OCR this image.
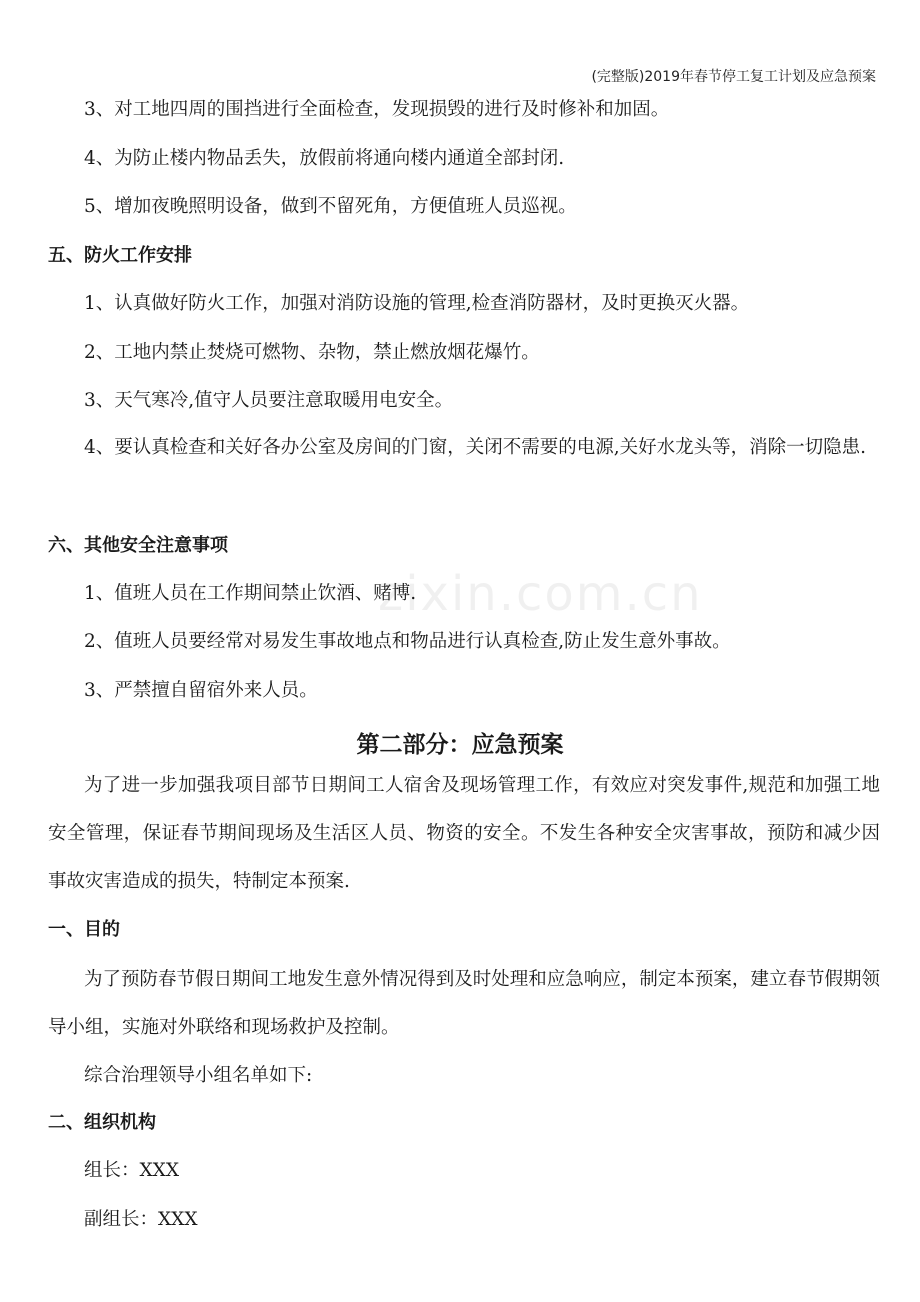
(完整版)2019年春节停工复工计划及应急预案
zixin.com.cn
3、对工地四周的围挡进行全面检查，发现损毁的进行及时修补和加固。
4、为防止楼内物品丢失，放假前将通向楼内通道全部封闭.
5、增加夜晚照明设备，做到不留死角，方便值班人员巡视。
五、防火工作安排
1、认真做好防火工作，加强对消防设施的管理,检查消防器材，及时更换灭火器。
2、工地内禁止焚烧可燃物、杂物，禁止燃放烟花爆竹。
3、天气寒冷,值守人员要注意取暖用电安全。
4、要认真检查和关好各办公室及房间的门窗，关闭不需要的电源,关好水龙头等，消除一切隐患.
六、其他安全注意事项
1、值班人员在工作期间禁止饮酒、赌博.
2、值班人员要经常对易发生事故地点和物品进行认真检查,防止发生意外事故。
3、严禁擅自留宿外来人员。
第二部分：应急预案
为了进一步加强我项目部节日期间工人宿舍及现场管理工作，有效应对突发事件,规范和加强工地安全管理，保证春节期间现场及生活区人员、物资的安全。不发生各种安全灾害事故，预防和减少因事故灾害造成的损失，特制定本预案.
一、目的
为了预防春节假日期间工地发生意外情况得到及时处理和应急响应，制定本预案，建立春节假期领导小组，实施对外联络和现场救护及控制。
综合治理领导小组名单如下:
二、组织机构
组长：XXX
副组长：XXX
